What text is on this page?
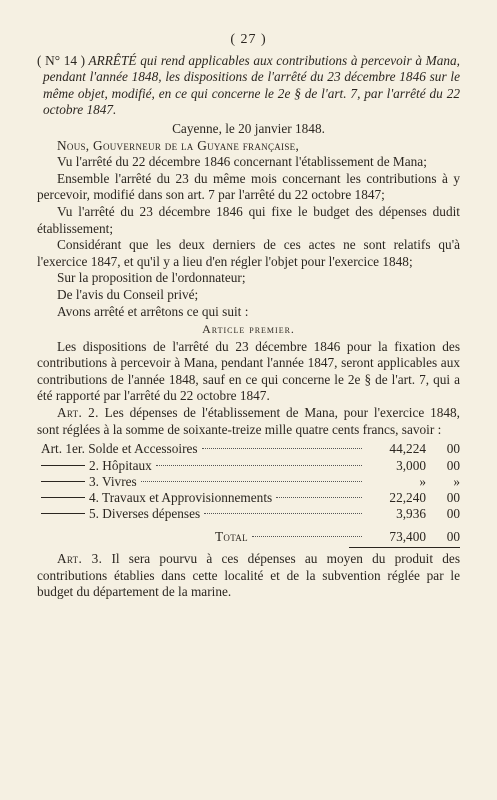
( 27 )
( N° 14 ) ARRÊTÉ qui rend applicables aux contributions à percevoir à Mana, pendant l'année 1848, les dispositions de l'arrêté du 23 décembre 1846 sur le même objet, modifié, en ce qui concerne le 2e § de l'art. 7, par l'arrêté du 22 octobre 1847.
Cayenne, le 20 janvier 1848.

Nous, Gouverneur de la Guyane française,

Vu l'arrêté du 22 décembre 1846 concernant l'établissement de Mana;

Ensemble l'arrêté du 23 du même mois concernant les contributions à y percevoir, modifié dans son art. 7 par l'arrêté du 22 octobre 1847;

Vu l'arrêté du 23 décembre 1846 qui fixe le budget des dépenses dudit établissement;

Considérant que les deux derniers de ces actes ne sont relatifs qu'à l'exercice 1847, et qu'il y a lieu d'en régler l'objet pour l'exercice 1848;

Sur la proposition de l'ordonnateur;

De l'avis du Conseil privé;

Avons arrêté et arrêtons ce qui suit :

Article premier.

Les dispositions de l'arrêté du 23 décembre 1846 pour la fixation des contributions à percevoir à Mana, pendant l'année 1847, seront applicables aux contributions de l'année 1848, sauf en ce qui concerne le 2e § de l'art. 7, qui a été rapporté par l'arrêté du 22 octobre 1847.

Art. 2. Les dépenses de l'établissement de Mana, pour l'exercice 1848, sont réglées à la somme de soixante-treize mille quatre cents francs, savoir :

Art. 1er. Solde et Accessoires	44,224	00
2. Hôpitaux	3,000	00
3. Vivres	»	»
4. Travaux et Approvisionnements	22,240	00
5. Diverses dépenses	3,936	00
Total	73,400	00

Art. 3. Il sera pourvu à ces dépenses au moyen du produit des contributions établies dans cette localité et de la subvention réglée par le budget du département de la marine.
